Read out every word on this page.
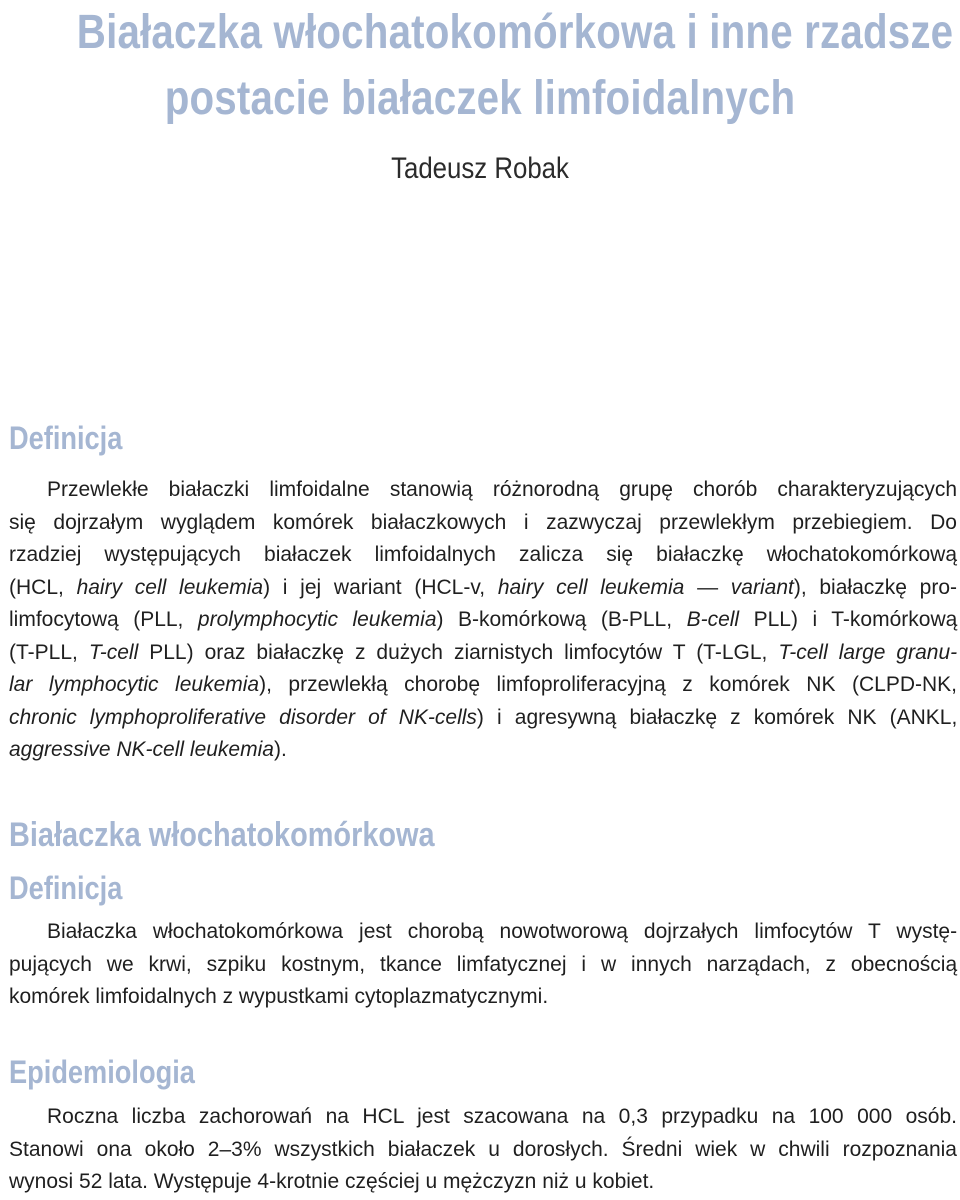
Białaczka włochatokomórkowa i inne rzadsze
postacie białaczek limfoidalnych
Tadeusz Robak
Definicja
Przewlekłe białaczki limfoidalne stanowią różnorodną grupę chorób charakteryzujących
się dojrzałym wyglądem komórek białaczkowych i zazwyczaj przewlekłym przebiegiem. Do
rzadziej występujących białaczek limfoidalnych zalicza się białaczkę włochatokomórkową
(HCL, hairy cell leukemia) i jej wariant (HCL-v, hairy cell leukemia — variant), białaczkę pro-
limfocytową (PLL, prolymphocytic leukemia) B-komórkową (B-PLL, B-cell PLL) i T-komórkową
(T-PLL, T-cell PLL) oraz białaczkę z dużych ziarnistych limfocytów T (T-LGL, T-cell large granu-
lar lymphocytic leukemia), przewlekłą chorobę limfoproliferacyjną z komórek NK (CLPD-NK,
chronic lymphoproliferative disorder of NK-cells) i agresywną białaczkę z komórek NK (ANKL,
aggressive NK-cell leukemia).
Białaczka włochatokomórkowa
Definicja
Białaczka włochatokomórkowa jest chorobą nowotworową dojrzałych limfocytów T wystę-
pujących we krwi, szpiku kostnym, tkance limfatycznej i w innych narządach, z obecnością
komórek limfoidalnych z wypustkami cytoplazmatycznymi.
Epidemiologia
Roczna liczba zachorowań na HCL jest szacowana na 0,3 przypadku na 100 000 osób.
Stanowi ona około 2–3% wszystkich białaczek u dorosłych. Średni wiek w chwili rozpoznania
wynosi 52 lata. Występuje 4-krotnie częściej u mężczyzn niż u kobiet.
